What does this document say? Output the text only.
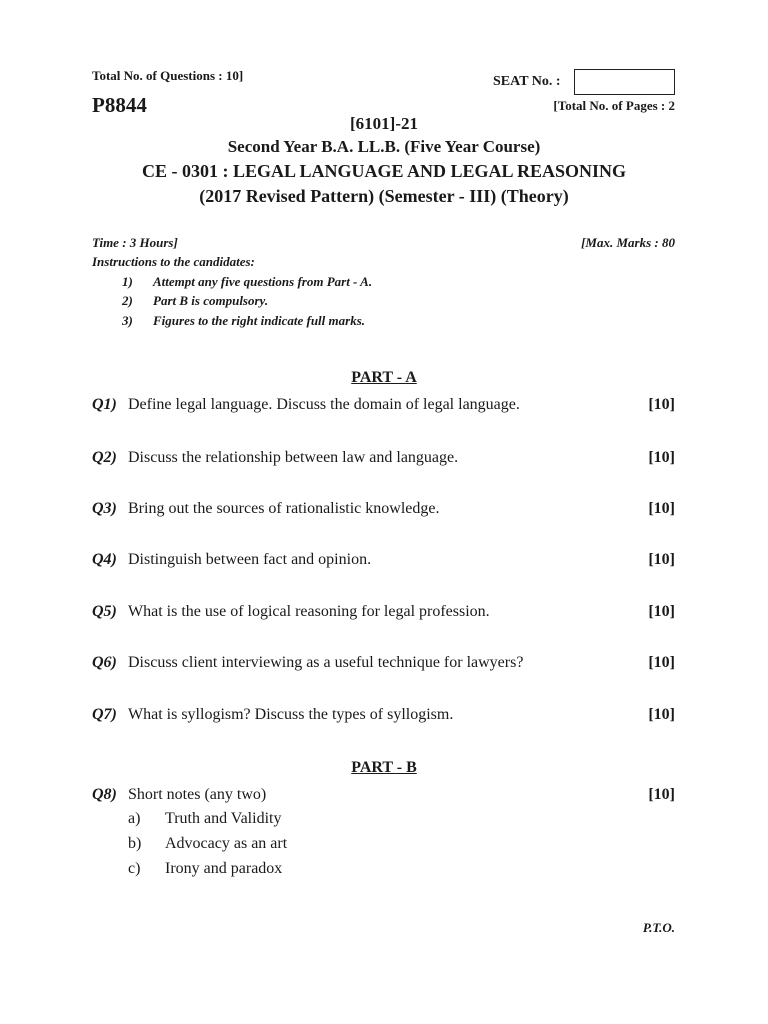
Total No. of Questions : 10]	SEAT No. :
P8844	[Total No. of Pages : 2
[6101]-21
Second Year B.A. LL.B. (Five Year Course)
CE - 0301 : LEGAL LANGUAGE AND LEGAL REASONING
(2017 Revised Pattern) (Semester - III) (Theory)
Time : 3 Hours]	[Max. Marks : 80
Instructions to the candidates:
1) Attempt any five questions from Part - A.
2) Part B is compulsory.
3) Figures to the right indicate full marks.
PART - A
Q1) Define legal language. Discuss the domain of legal language.	[10]
Q2) Discuss the relationship between law and language.	[10]
Q3) Bring out the sources of rationalistic knowledge.	[10]
Q4) Distinguish between fact and opinion.	[10]
Q5) What is the use of logical reasoning for legal profession.	[10]
Q6) Discuss client interviewing as a useful technique for lawyers?	[10]
Q7) What is syllogism? Discuss the types of syllogism.	[10]
PART - B
Q8) Short notes (any two)	[10]
a) Truth and Validity
b) Advocacy as an art
c) Irony and paradox
P.T.O.
